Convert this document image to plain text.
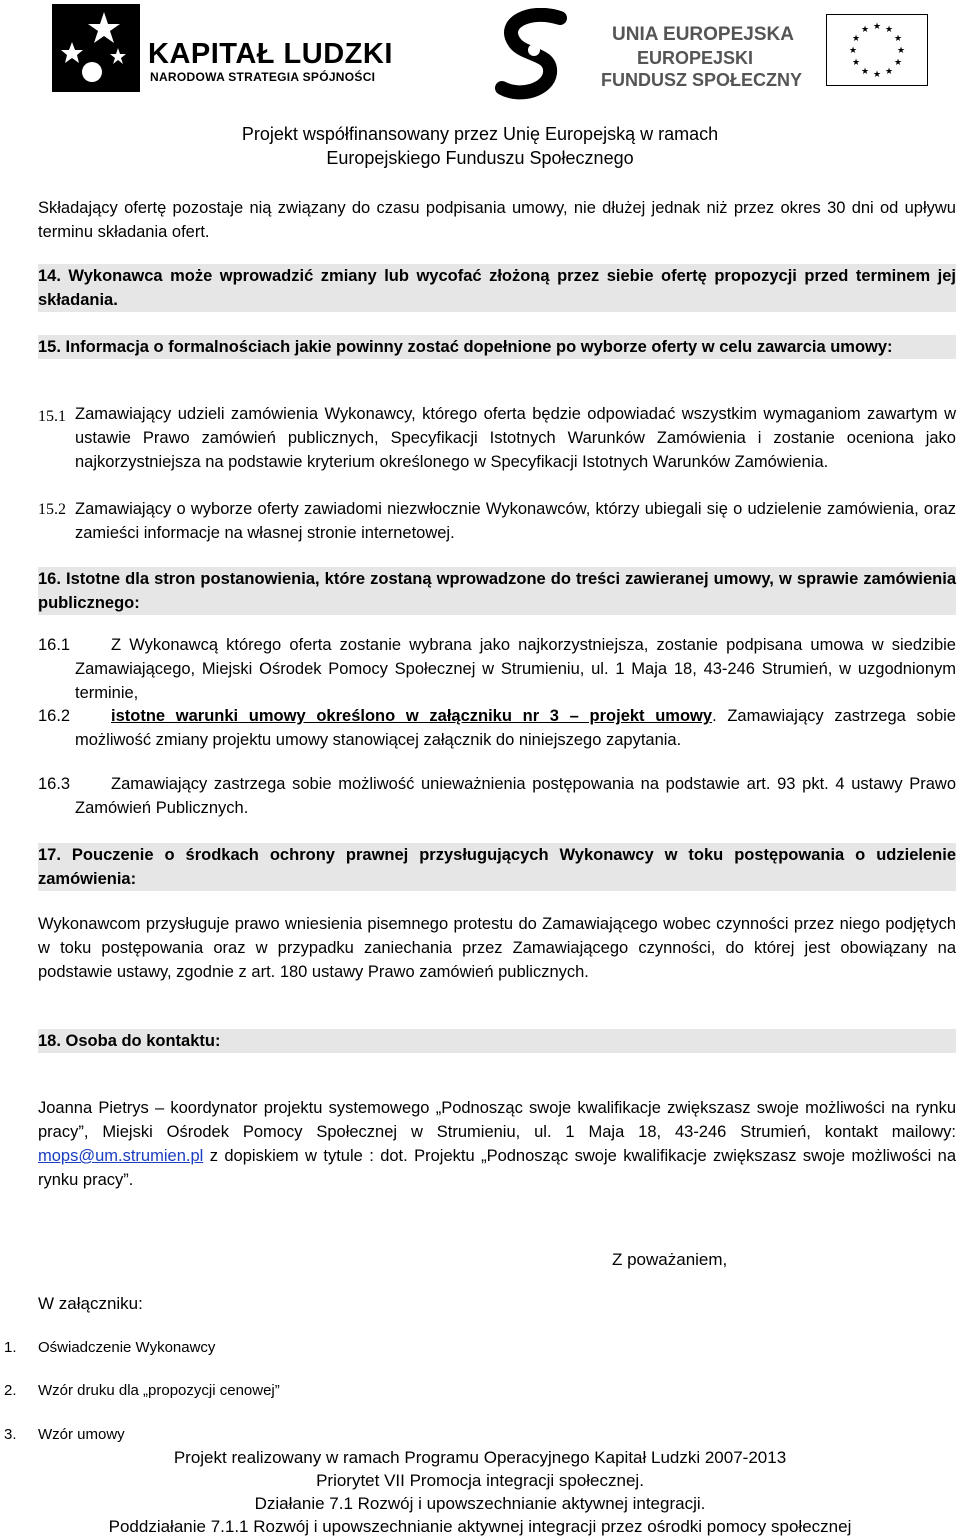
KAPITAŁ LUDZKI
NARODOWA STRATEGIA SPÓJNOŚCI
UNIA EUROPEJSKA
EUROPEJSKI
FUNDUSZ SPOŁECZNY
★ ★
★
★
★
★
★
★
★
★
★
★
Projekt współfinansowany przez Unię Europejską w ramach
Europejskiego Funduszu Społecznego
Składający ofertę pozostaje nią związany do czasu podpisania umowy, nie dłużej jednak niż przez okres 30 dni od upływu terminu składania ofert.
14. Wykonawca może wprowadzić zmiany lub wycofać złożoną przez siebie ofertę propozycji przed terminem jej składania.
15. Informacja o formalnościach jakie powinny zostać dopełnione po wyborze oferty w celu zawarcia umowy:
15.1 Zamawiający udzieli zamówienia Wykonawcy, którego oferta będzie odpowiadać wszystkim wymaganiom zawartym w ustawie Prawo zamówień publicznych, Specyfikacji Istotnych Warunków Zamówienia i zostanie oceniona jako najkorzystniejsza na podstawie kryterium określonego w Specyfikacji Istotnych Warunków Zamówienia.
15.2 Zamawiający o wyborze oferty zawiadomi niezwłocznie Wykonawców, którzy ubiegali się o udzielenie zamówienia, oraz zamieści informacje na własnej stronie internetowej.
16. Istotne dla stron postanowienia, które zostaną wprowadzone do treści zawieranej umowy, w sprawie zamówienia publicznego:
16.1	Z Wykonawcą którego oferta zostanie wybrana jako najkorzystniejsza, zostanie podpisana umowa w siedzibie Zamawiającego, Miejski Ośrodek Pomocy Społecznej w Strumieniu, ul. 1 Maja 18, 43-246 Strumień, w uzgodnionym terminie,
16.2	istotne warunki umowy określono w załączniku nr 3 – projekt umowy. Zamawiający zastrzega sobie możliwość zmiany projektu umowy stanowiącej załącznik do niniejszego zapytania.
16.3	Zamawiający zastrzega sobie możliwość unieważnienia postępowania na podstawie art. 93 pkt. 4 ustawy Prawo Zamówień Publicznych.
17. Pouczenie o środkach ochrony prawnej przysługujących Wykonawcy w toku postępowania o udzielenie zamówienia:
Wykonawcom przysługuje prawo wniesienia pisemnego protestu do Zamawiającego wobec czynności przez niego podjętych w toku postępowania oraz w przypadku zaniechania przez Zamawiającego czynności, do której jest obowiązany na podstawie ustawy, zgodnie z art. 180 ustawy Prawo zamówień publicznych.
18. Osoba do kontaktu:
Joanna Pietrys – koordynator projektu systemowego „Podnosząc swoje kwalifikacje zwiększasz swoje możliwości na rynku pracy”, Miejski Ośrodek Pomocy Społecznej w Strumieniu, ul. 1 Maja 18, 43-246 Strumień, kontakt mailowy: mops@um.strumien.pl z dopiskiem w tytule : dot. Projektu „Podnosząc swoje kwalifikacje zwiększasz swoje możliwości na rynku pracy”.
Z poważaniem,
W załączniku:
1. Oświadczenie Wykonawcy
2. Wzór druku dla „propozycji cenowej”
3. Wzór umowy
Projekt realizowany w ramach Programu Operacyjnego Kapitał Ludzki 2007-2013
Priorytet VII Promocja integracji społecznej.
Działanie 7.1 Rozwój i upowszechnianie aktywnej integracji.
Poddziałanie 7.1.1 Rozwój i upowszechnianie aktywnej integracji przez ośrodki pomocy społecznej
